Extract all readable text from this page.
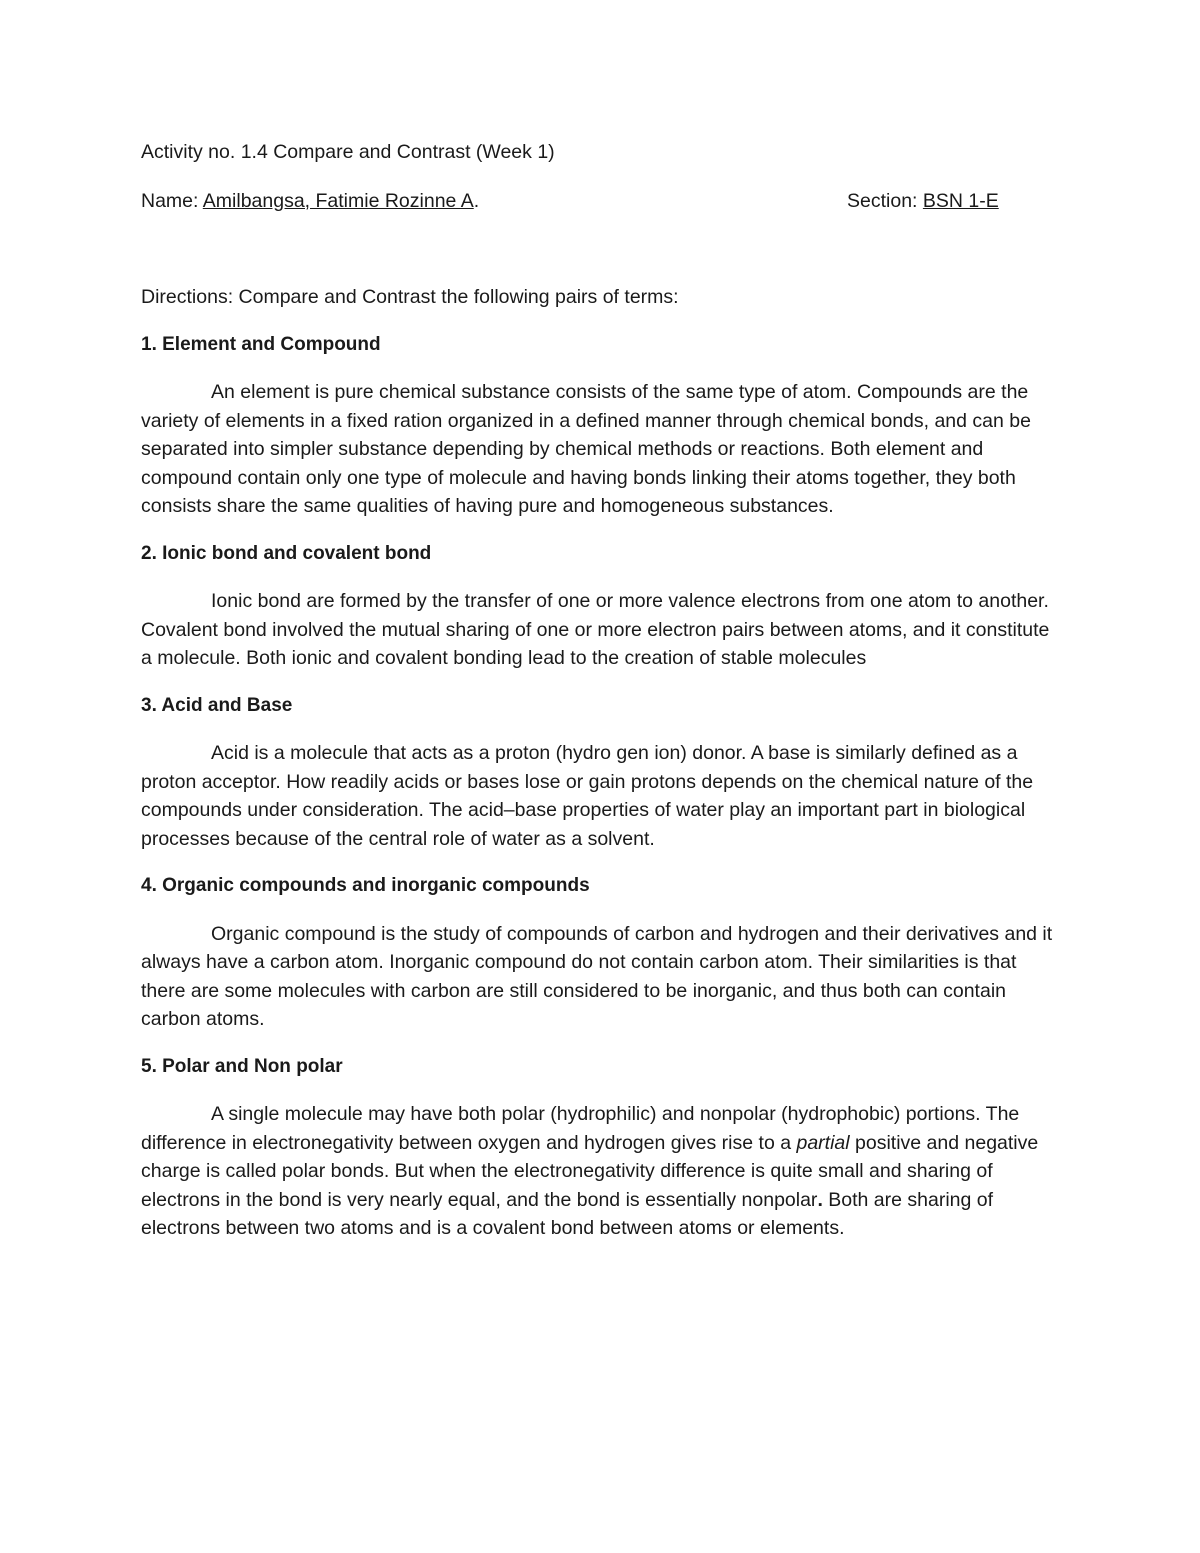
Activity no. 1.4 Compare and Contrast (Week 1)

Name: Amilbangsa, Fatimie Rozinne A.	Section: BSN 1-E

Directions: Compare and Contrast the following pairs of terms:

1. Element and Compound

An element is pure chemical substance consists of the same type of atom. Compounds are the variety of elements in a fixed ration organized in a defined manner through chemical bonds, and can be separated into simpler substance depending by chemical methods or reactions. Both element and compound contain only one type of molecule and having bonds linking their atoms together, they both consists share the same qualities of having pure and homogeneous substances.

2. Ionic bond and covalent bond

Ionic bond are formed by the transfer of one or more valence electrons from one atom to another. Covalent bond involved the mutual sharing of one or more electron pairs between atoms, and it constitute a molecule. Both ionic and covalent bonding lead to the creation of stable molecules

3. Acid and Base

Acid is a molecule that acts as a proton (hydro gen ion) donor. A base is similarly defined as a proton acceptor. How readily acids or bases lose or gain protons depends on the chemical nature of the compounds under consideration. The acid–base properties of water play an important part in biological processes because of the central role of water as a solvent.

4. Organic compounds and inorganic compounds

Organic compound is the study of compounds of carbon and hydrogen and their derivatives and it always have a carbon atom. Inorganic compound do not contain carbon atom. Their similarities is that there are some molecules with carbon are still considered to be inorganic, and thus both can contain carbon atoms.

5. Polar and Non polar

A single molecule may have both polar (hydrophilic) and nonpolar (hydrophobic) portions. The difference in electronegativity between oxygen and hydrogen gives rise to a partial positive and negative charge is called polar bonds. But when the electronegativity difference is quite small and sharing of electrons in the bond is very nearly equal, and the bond is essentially nonpolar. Both are sharing of electrons between two atoms and is a covalent bond between atoms or elements.
